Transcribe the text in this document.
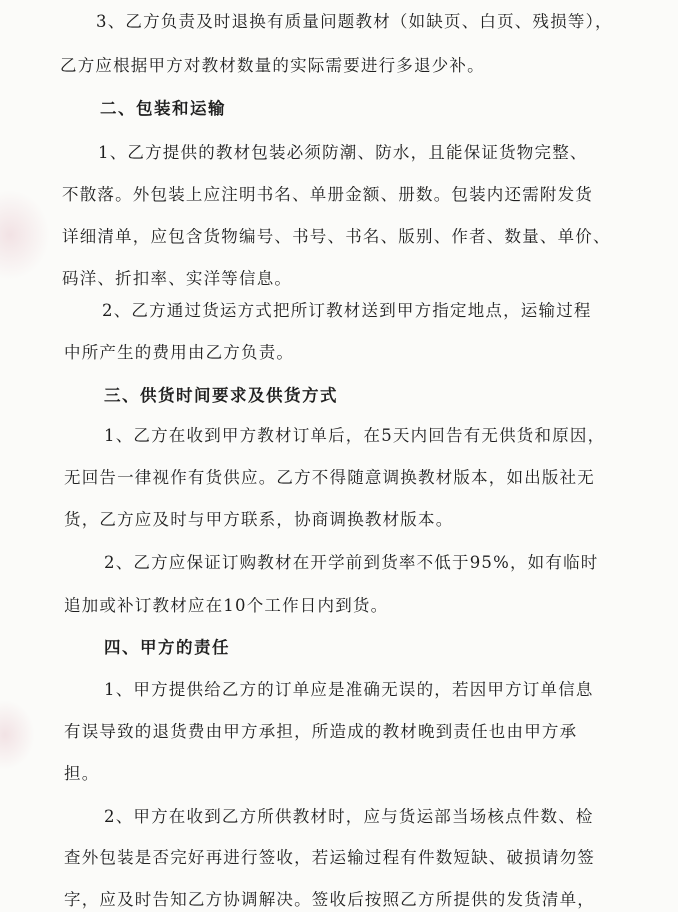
3、乙方负责及时退换有质量问题教材（如缺页、白页、残损等），
乙方应根据甲方对教材数量的实际需要进行多退少补。
二、包装和运输
1、乙方提供的教材包装必须防潮、防水，且能保证货物完整、
不散落。外包装上应注明书名、单册金额、册数。包装内还需附发货
详细清单，应包含货物编号、书号、书名、版别、作者、数量、单价、
码洋、折扣率、实洋等信息。
2、乙方通过货运方式把所订教材送到甲方指定地点，运输过程
中所产生的费用由乙方负责。
三、供货时间要求及供货方式
1、乙方在收到甲方教材订单后，在5天内回告有无供货和原因，
无回告一律视作有货供应。乙方不得随意调换教材版本，如出版社无
货，乙方应及时与甲方联系，协商调换教材版本。
2、乙方应保证订购教材在开学前到货率不低于95%，如有临时
追加或补订教材应在10个工作日内到货。
四、甲方的责任
1、甲方提供给乙方的订单应是准确无误的，若因甲方订单信息
有误导致的退货费由甲方承担，所造成的教材晚到责任也由甲方承
担。
2、甲方在收到乙方所供教材时，应与货运部当场核点件数、检
查外包装是否完好再进行签收，若运输过程有件数短缺、破损请勿签
字，应及时告知乙方协调解决。签收后按照乙方所提供的发货清单，
